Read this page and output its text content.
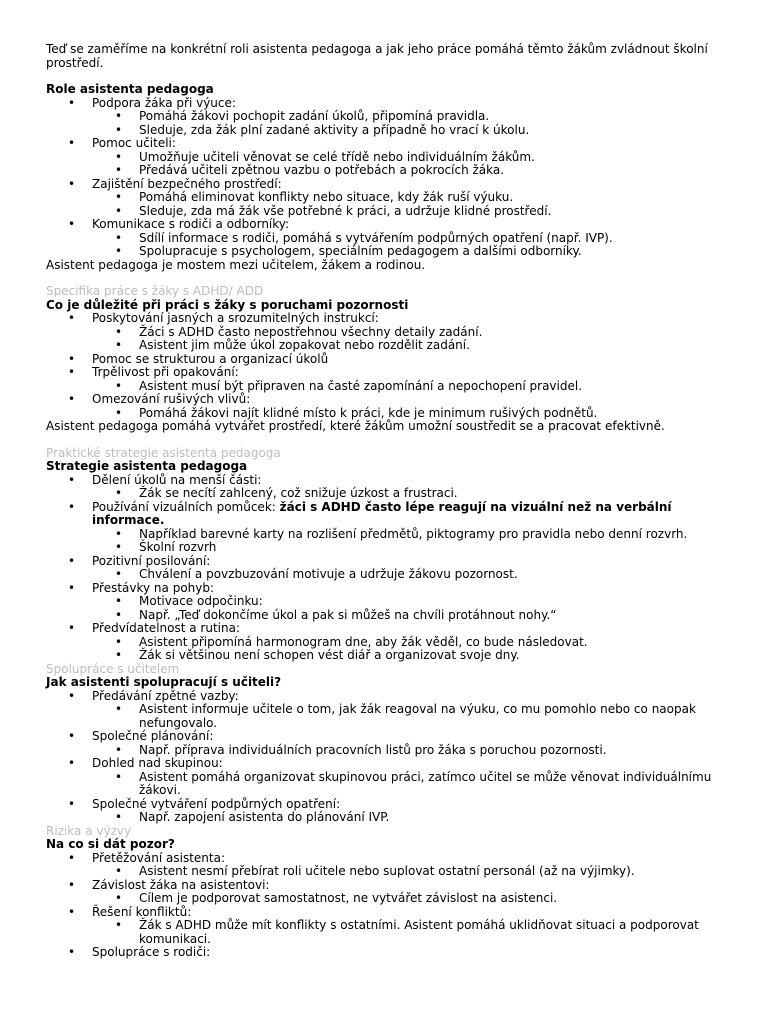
Teď se zaměříme na konkrétní roli asistenta pedagoga a jak jeho práce pomáhá těmto žákům zvládnout školní prostředí.

Role asistenta pedagoga

• Podpora žáka při výuce:
• Pomáhá žákovi pochopit zadání úkolů, připomíná pravidla.
• Sleduje, zda žák plní zadané aktivity a případně ho vrací k úkolu.
• Pomoc učiteli:
• Umožňuje učiteli věnovat se celé třídě nebo individuálním žákům.
• Předává učiteli zpětnou vazbu o potřebách a pokrocích žáka.
• Zajištění bezpečného prostředí:
• Pomáhá eliminovat konflikty nebo situace, kdy žák ruší výuku.
• Sleduje, zda má žák vše potřebné k práci, a udržuje klidné prostředí.
• Komunikace s rodiči a odborníky:
• Sdílí informace s rodiči, pomáhá s vytvářením podpůrných opatření (např. IVP).
• Spolupracuje s psychologem, speciálním pedagogem a dalšími odborníky.

Asistent pedagoga je mostem mezi učitelem, žákem a rodinou.

Specifika práce s žáky s ADHD/ ADD

Co je důležité při práci s žáky s poruchami pozornosti

• Poskytování jasných a srozumitelných instrukcí:
• Žáci s ADHD často nepostřehnou všechny detaily zadání.
• Asistent jim může úkol zopakovat nebo rozdělit zadání.
• Pomoc se strukturou a organizací úkolů
• Trpělivost při opakování:
• Asistent musí být připraven na časté zapomínání a nepochopení pravidel.
• Omezování rušivých vlivů:
• Pomáhá žákovi najít klidné místo k práci, kde je minimum rušivých podnětů.

Asistent pedagoga pomáhá vytvářet prostředí, které žákům umožní soustředit se a pracovat efektivně.

Praktické strategie asistenta pedagoga

Strategie asistenta pedagoga

• Dělení úkolů na menší části:
• Žák se necítí zahlcený, což snižuje úzkost a frustraci.
• Používání vizuálních pomůcek: žáci s ADHD často lépe reagují na vizuální než na verbální informace.
• Například barevné karty na rozlišení předmětů, piktogramy pro pravidla nebo denní rozvrh.
• Školní rozvrh
• Pozitivní posilování:
• Chválení a povzbuzování motivuje a udržuje žákovu pozornost.
• Přestávky na pohyb:
• Motivace odpočinku:
• Např. „Teď dokončíme úkol a pak si můžeš na chvíli protáhnout nohy.“
• Předvídatelnost a rutina:
• Asistent připomíná harmonogram dne, aby žák věděl, co bude následovat.
• Žák si většinou není schopen vést diář a organizovat svoje dny.

Spolupráce s učitelem

Jak asistenti spolupracují s učiteli?

• Předávání zpětné vazby:
• Asistent informuje učitele o tom, jak žák reagoval na výuku, co mu pomohlo nebo co naopak nefungovalo.
• Společné plánování:
• Např. příprava individuálních pracovních listů pro žáka s poruchou pozornosti.
• Dohled nad skupinou:
• Asistent pomáhá organizovat skupinovou práci, zatímco učitel se může věnovat individuálnímu žákovi.
• Společné vytváření podpůrných opatření:
• Např. zapojení asistenta do plánování IVP.

Rizika a výzvy

Na co si dát pozor?

• Přetěžování asistenta:
• Asistent nesmí přebírat roli učitele nebo suplovat ostatní personál (až na výjimky).
• Závislost žáka na asistentovi:
• Cílem je podporovat samostatnost, ne vytvářet závislost na asistenci.
• Řešení konfliktů:
• Žák s ADHD může mít konflikty s ostatními. Asistent pomáhá uklidňovat situaci a podporovat komunikaci.
• Spolupráce s rodiči:
